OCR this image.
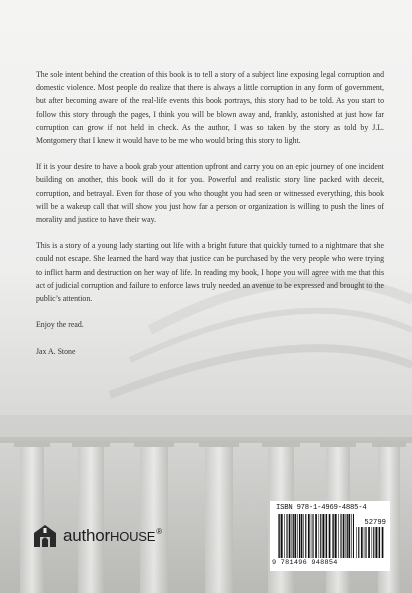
The sole intent behind the creation of this book is to tell a story of a subject line exposing legal corruption and domestic violence. Most people do realize that there is always a little corruption in any form of government, but after becoming aware of the real-life events this book portrays, this story had to be told. As you start to follow this story through the pages, I think you will be blown away and, frankly, astonished at just how far corruption can grow if not held in check. As the author, I was so taken by the story as told by J.L. Montgomery that I knew it would have to be me who would bring this story to light.

If it is your desire to have a book grab your attention upfront and carry you on an epic journey of one incident building on another, this book will do it for you. Powerful and realistic story line packed with deceit, corruption, and betrayal. Even for those of you who thought you had seen or witnessed everything, this book will be a wakeup call that will show you just how far a person or organization is willing to push the lines of morality and justice to have their way.

This is a story of a young lady starting out life with a bright future that quickly turned to a nightmare that she could not escape. She learned the hard way that justice can be purchased by the very people who were trying to inflict harm and destruction on her way of life. In reading my book, I hope you will agree with me that this act of judicial corruption and failure to enforce laws truly needed an avenue to be expressed and brought to the public’s attention.

Enjoy the read.

Jax A. Stone

authorHOUSE®
ISBN 978-1-4969-4885-4
52799
9 781496 948854
